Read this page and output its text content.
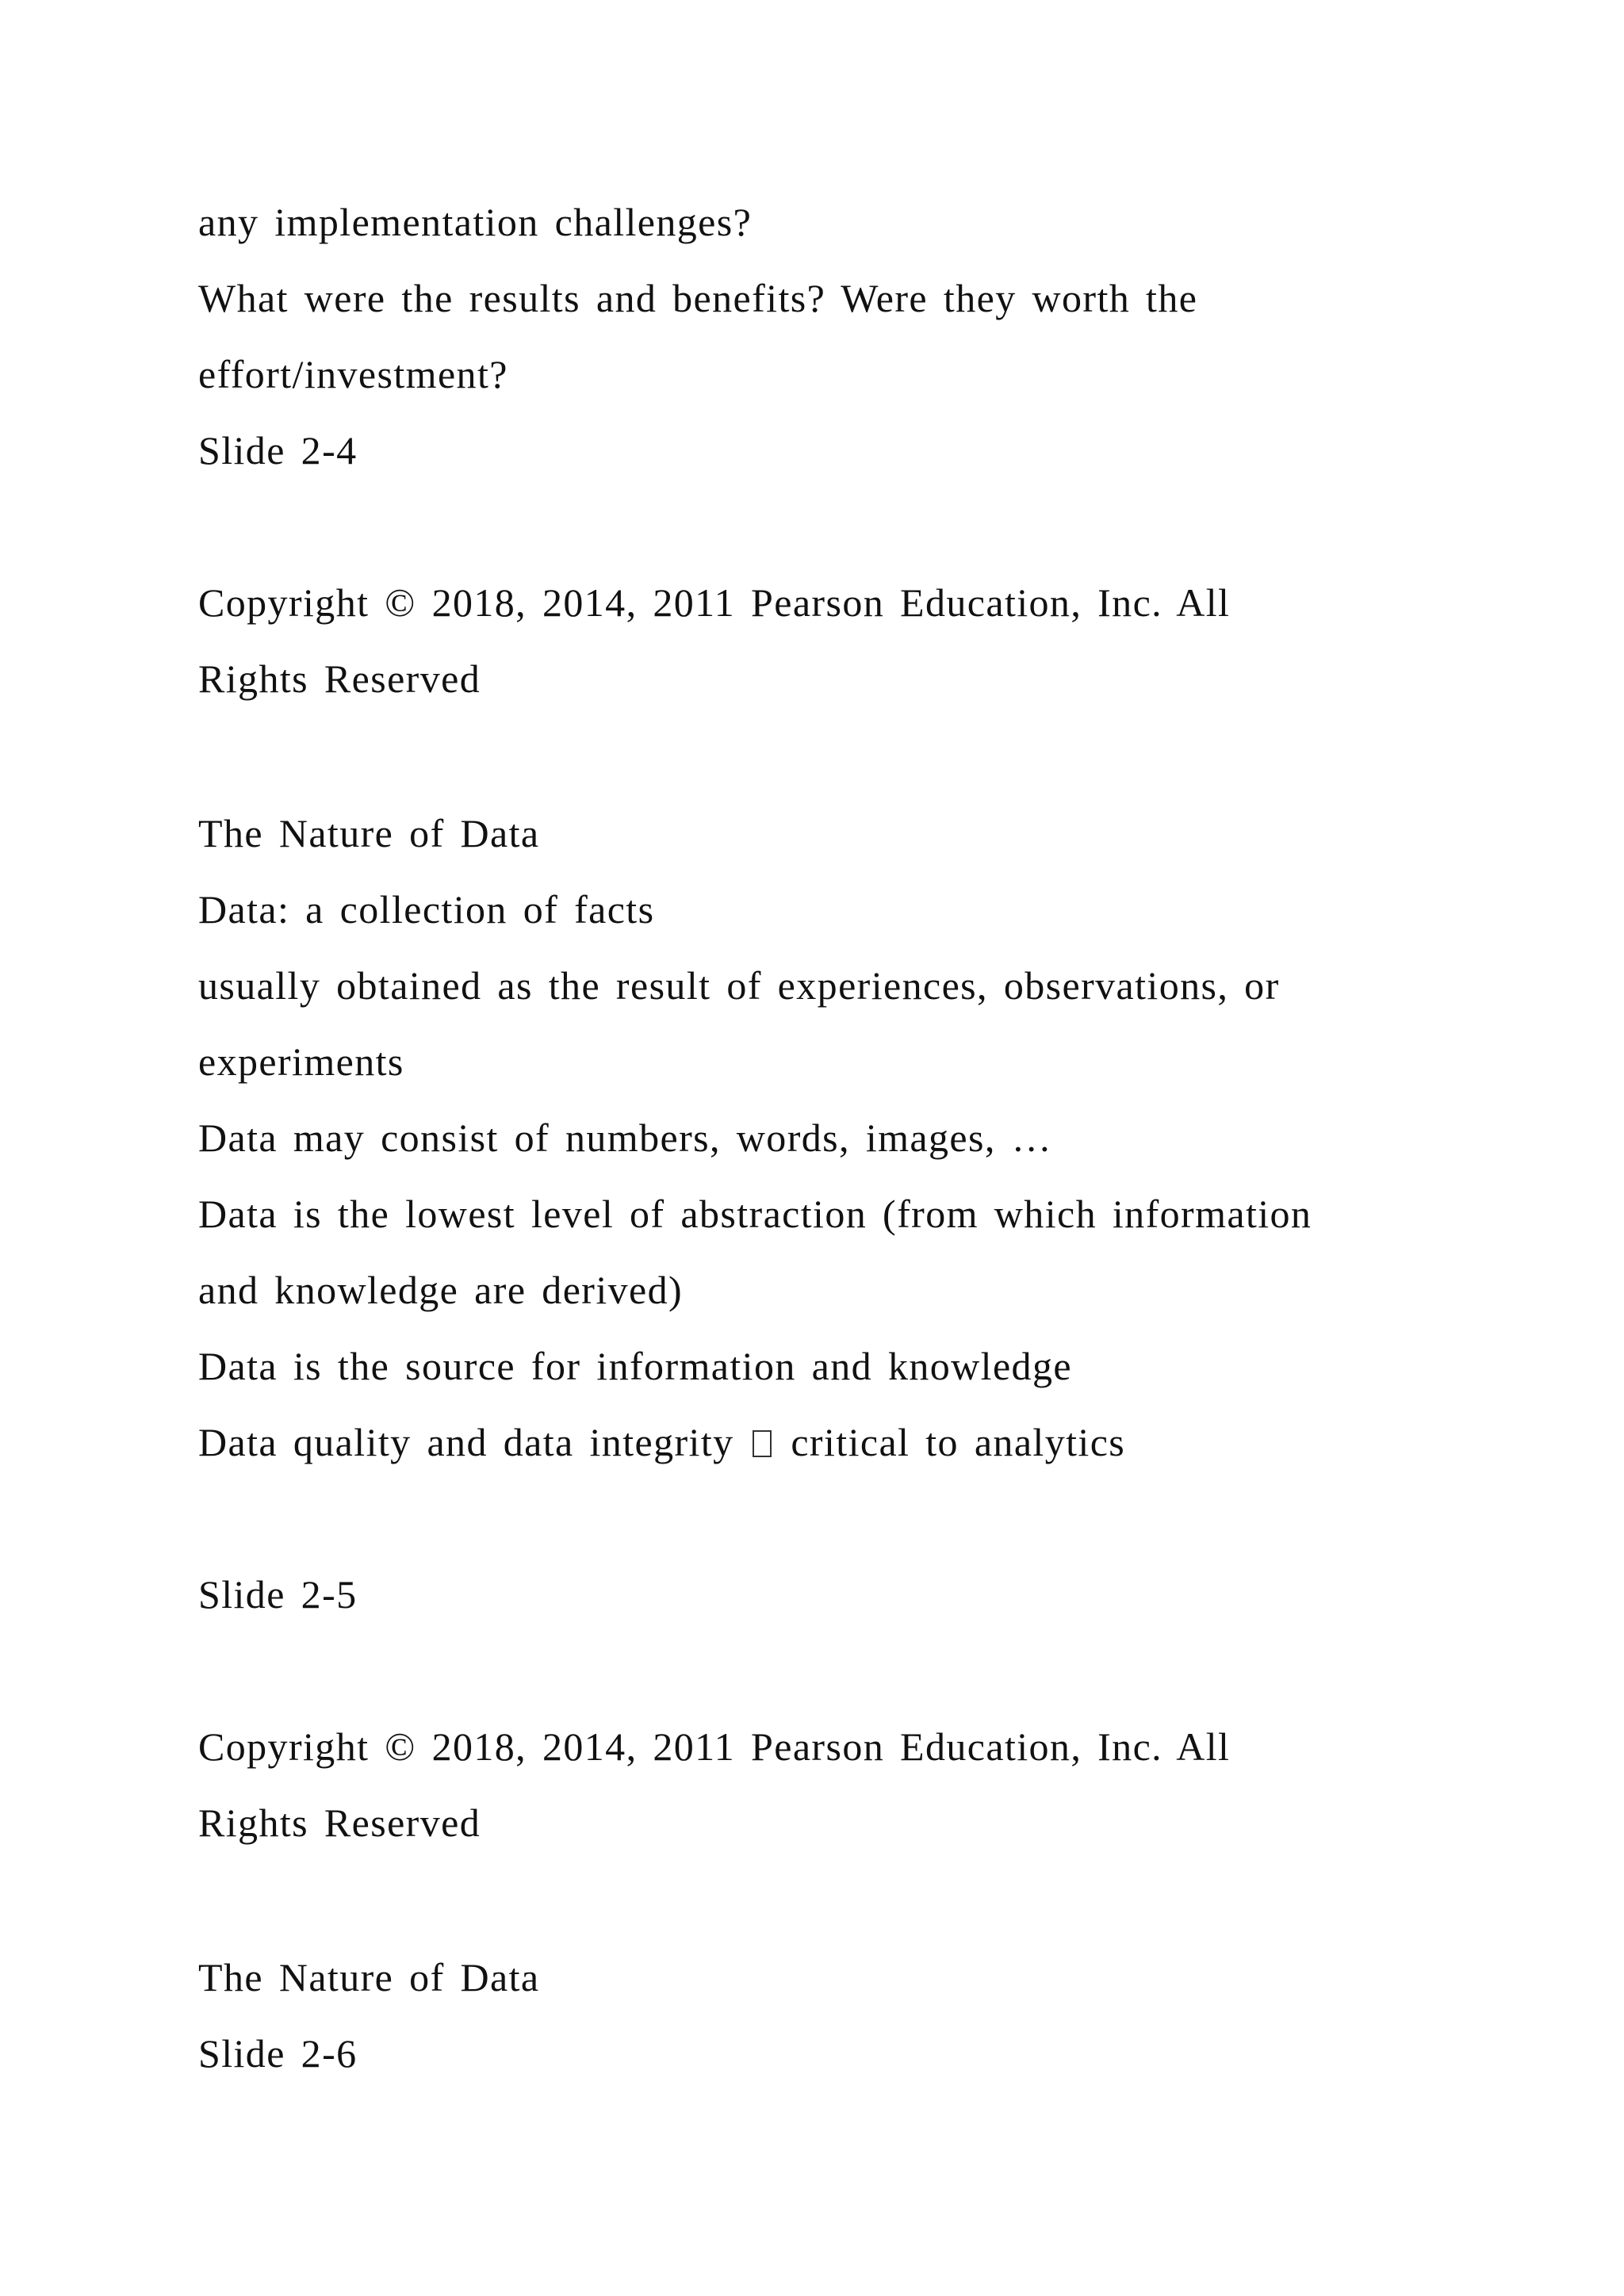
any implementation challenges?
What were the results and benefits? Were they worth the
effort/investment?
Slide 2-4
Copyright © 2018, 2014, 2011 Pearson Education, Inc. All
Rights Reserved
The Nature of Data
Data: a collection of facts
usually obtained as the result of experiences, observations, or
experiments
Data may consist of numbers, words, images, …
Data is the lowest level of abstraction (from which information
and knowledge are derived)
Data is the source for information and knowledge
Data quality and data integrity critical to analytics
Slide 2-5
Copyright © 2018, 2014, 2011 Pearson Education, Inc. All
Rights Reserved
The Nature of Data
Slide 2-6
